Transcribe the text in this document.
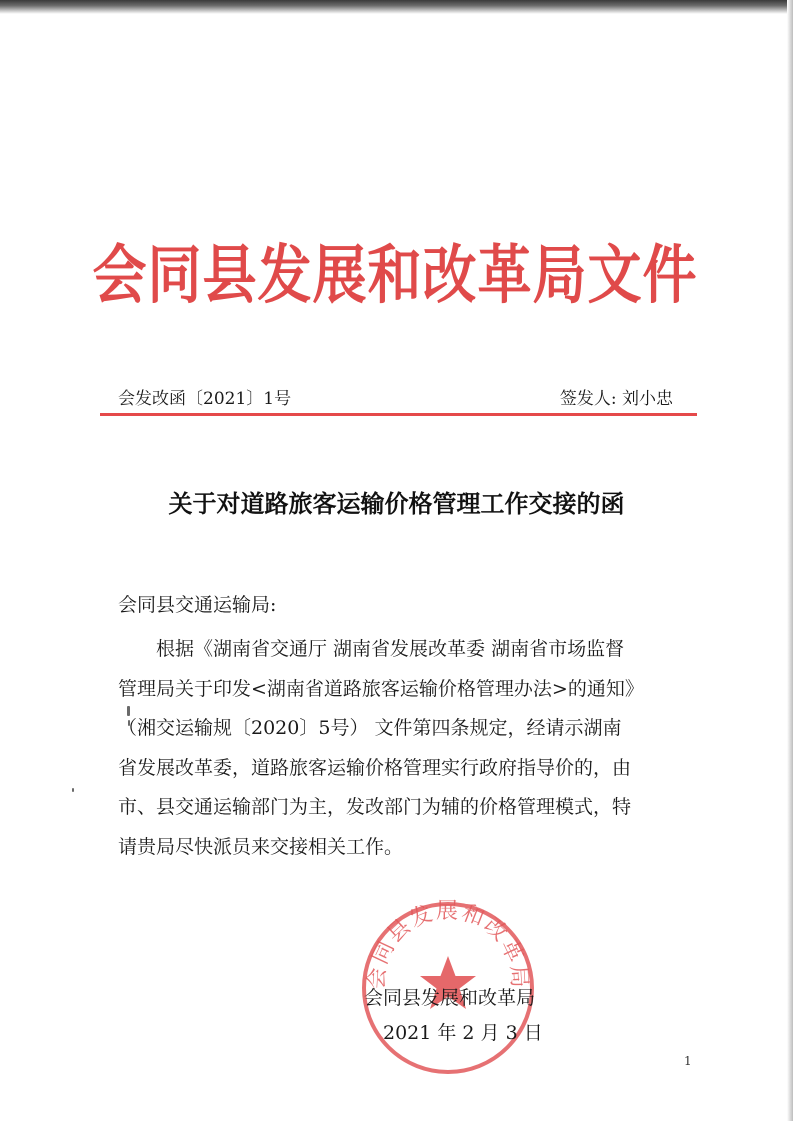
会同县发展和改革局文件
会发改函〔2021〕1号	签发人: 刘小忠
关于对道路旅客运输价格管理工作交接的函
会同县交通运输局:
根据《湖南省交通厅 湖南省发展改革委 湖南省市场监督
管理局关于印发<湖南省道路旅客运输价格管理办法>的通知》
（湘交运输规〔2020〕5号） 文件第四条规定，经请示湖南
省发展改革委，道路旅客运输价格管理实行政府指导价的，由
市、县交通运输部门为主，发改部门为辅的价格管理模式，特
请贵局尽快派员来交接相关工作。
会同县发展和改革局
会同县发展和改革局
2021 年 2 月 3 日
1
